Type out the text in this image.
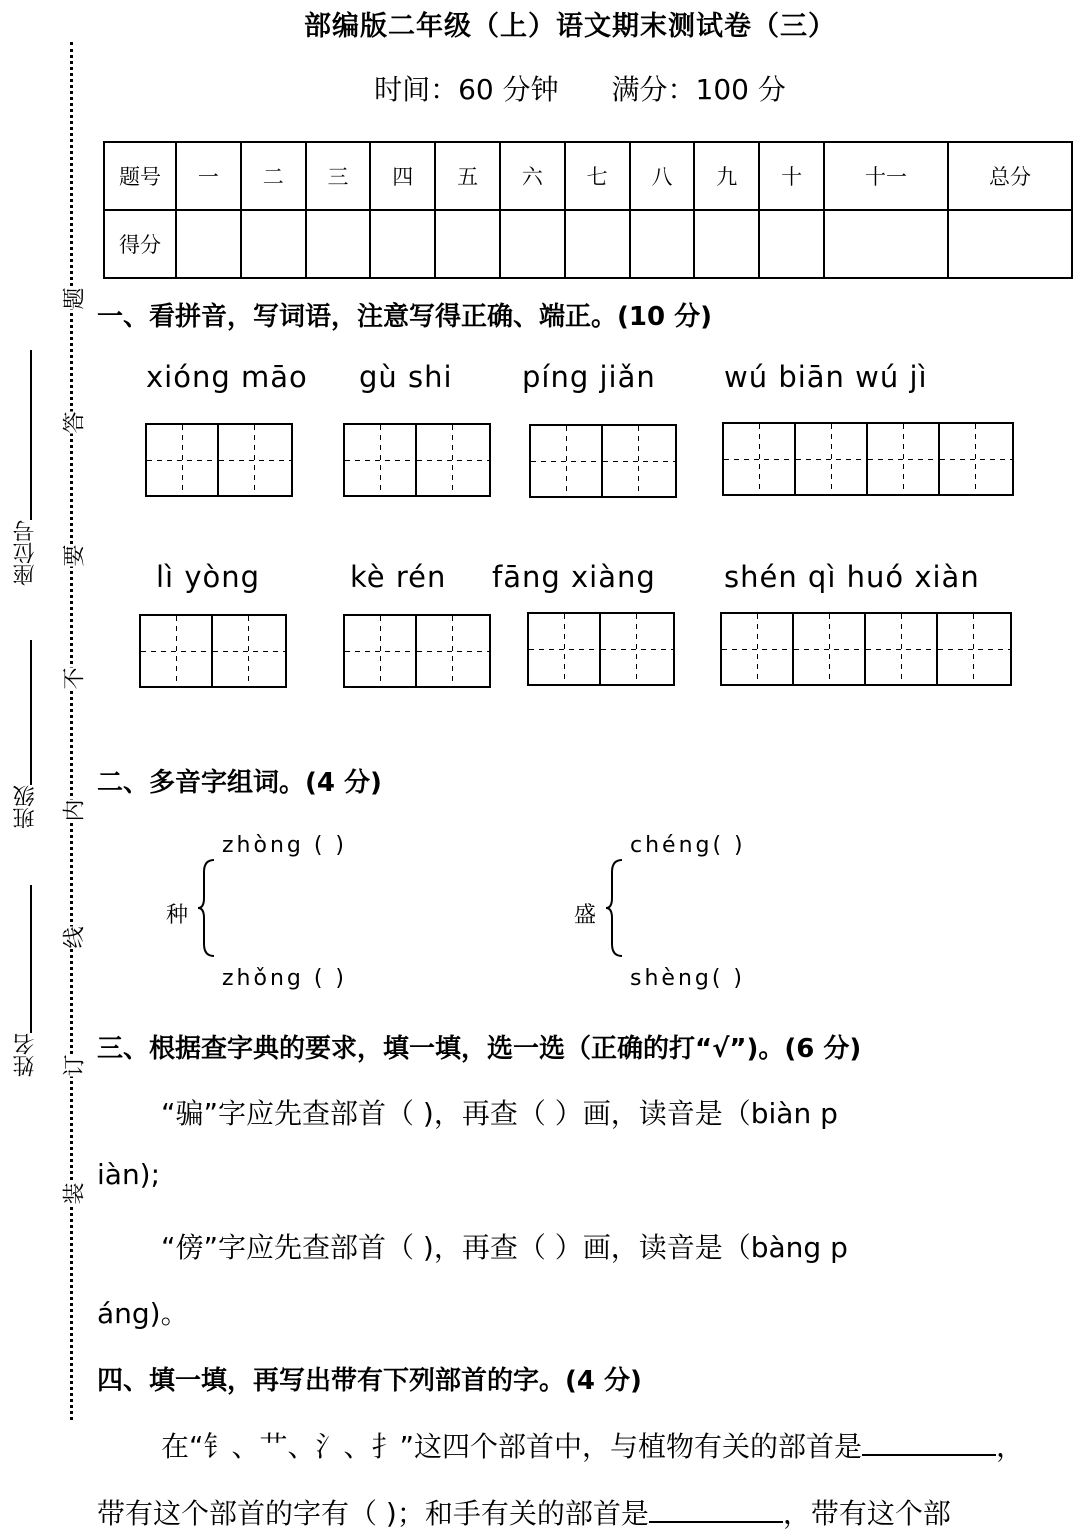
部编版二年级（上）语文期末测试卷（三）
时间：60 分钟 满分：100 分
题号	一	二	三	四	五	六	七	八	九	十	十一	总分
得分												
座位号
班级
姓名
题
答
要
不
内
线
订
装
一、看拼音，写词语，注意写得正确、端正。(10 分)
xióng māo gù shi píng jiǎn wú biān wú jì
lì yòng	kè rén fāng xiàng shén qì huó xiàn
二、多音字组词。(4 分)
种
zhòng ( )
zhǒng ( )
盛
chéng( )
shèng( )
三、根据查字典的要求，填一填，选一选（正确的打“√”)。(6 分)
“骗”字应先查部首（ )，再查（ ）画，读音是（biàn p
iàn);
“傍”字应先查部首（ )，再查（ ）画，读音是（bàng p
áng)。
四、填一填，再写出带有下列部首的字。(4 分)
在“钅、艹、氵、扌”这四个部首中，与植物有关的部首是	，
带有这个部首的字有（ )；和手有关的部首是	，带有这个部
